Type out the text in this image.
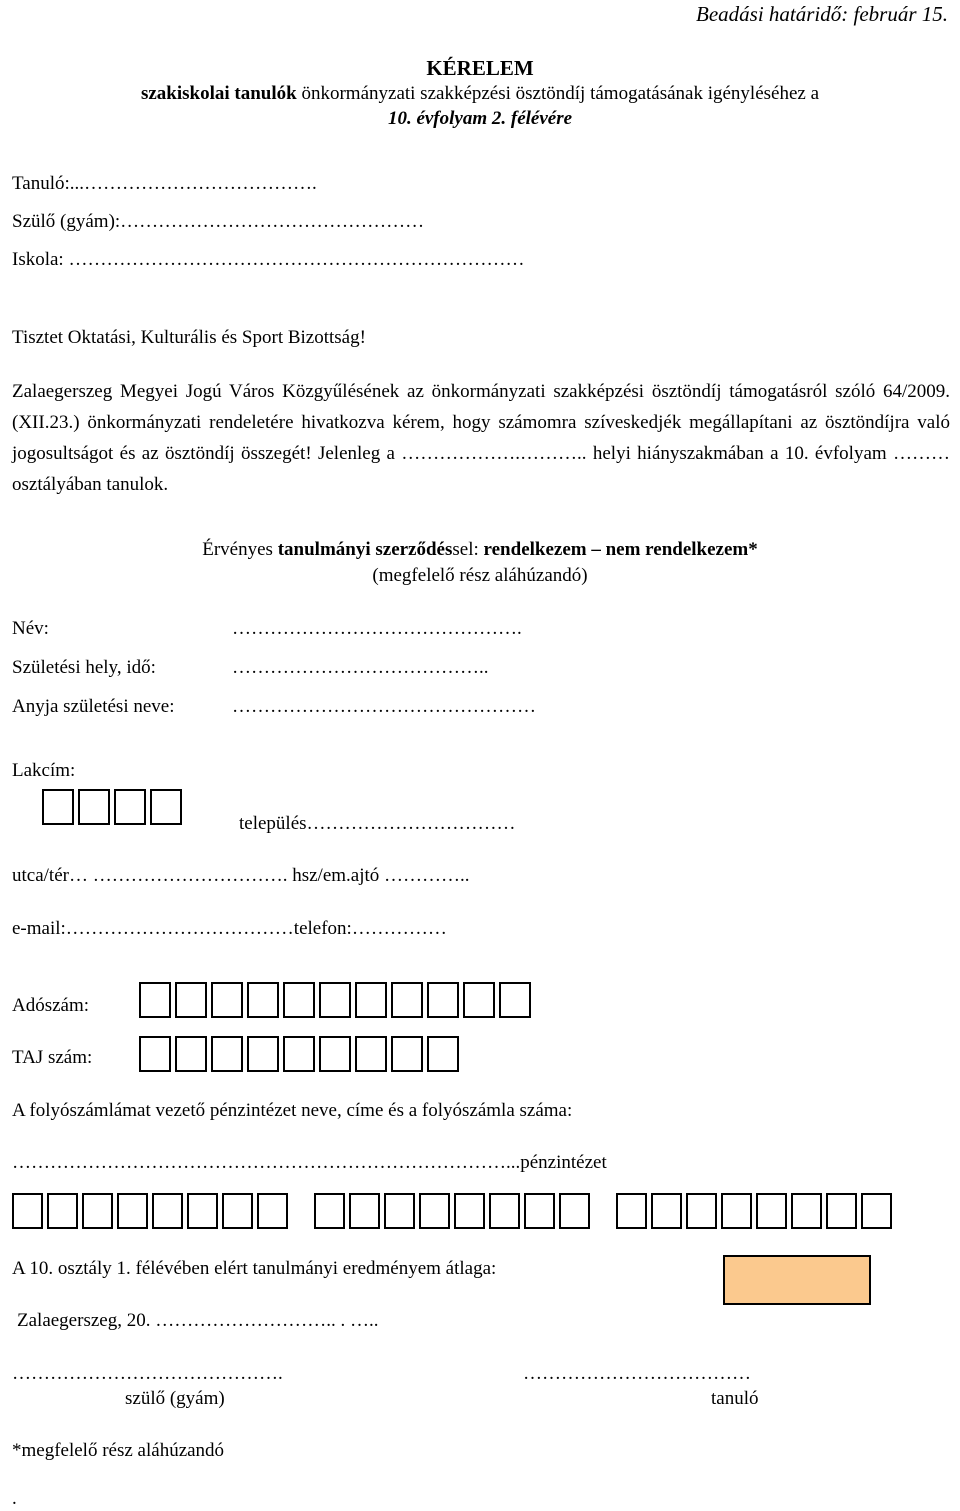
Beadási határidő: február 15.
KÉRELEM
szakiskolai tanulók önkormányzati szakképzési ösztöndíj támogatásának igényléséhez a
10. évfolyam 2. félévére
Tanuló:...……………………………….
Szülő (gyám):…………………………………………
Iskola: ………………………………………………………………
Tisztet Oktatási, Kulturális és Sport Bizottság!
Zalaegerszeg Megyei Jogú Város Közgyűlésének az önkormányzati szakképzési ösztöndíj támogatásról szóló 64/2009. (XII.23.) önkormányzati rendeletére hivatkozva kérem, hogy számomra szíveskedjék megállapítani az ösztöndíjra való jogosultságot és az ösztöndíj összegét! Jelenleg a ……………….……….. helyi hiányszakmában a 10. évfolyam ……… osztályában tanulok.
Érvényes tanulmányi szerződéssel: rendelkezem – nem rendelkezem*
(megfelelő rész aláhúzandó)
Név:	……………………………………….
Születési hely, idő:	…………………………………..
Anyja születési neve:	…………………………………………
Lakcím:
település……………………………
utca/tér… …………………………. hsz/em.ajtó …………..
e-mail:………………………………telefon:……………
Adószám:
TAJ szám:
A folyószámlámat vezető pénzintézet neve, címe és a folyószámla száma:
……………………………………………………………………...pénzintézet
A 10. osztály 1. félévében elért tanulmányi eredményem átlaga:
Zalaegerszeg, 20. ……………………….. . …..
…………………………………….
szülő (gyám)
………………………………
tanuló
*megfelelő rész aláhúzandó
.
